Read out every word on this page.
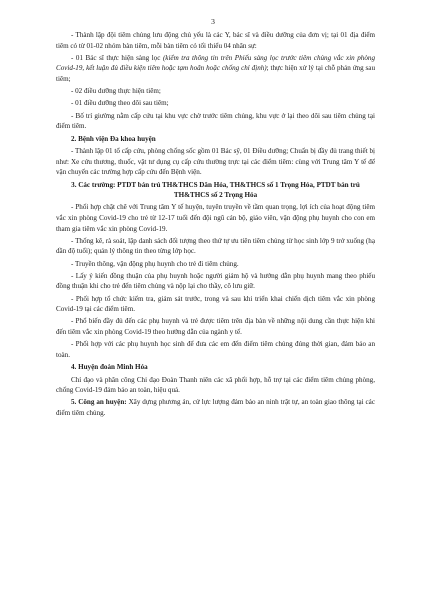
3

- Thành lập đội tiêm chủng lưu động chủ yếu là các Y, bác sĩ và điều dưỡng của đơn vị; tại 01 địa điểm tiêm có từ 01-02 nhóm bàn tiêm, mỗi bàn tiêm có tối thiểu 04 nhân sự:

- 01 Bác sĩ thực hiện sàng lọc (kiểm tra thông tin trên Phiếu sàng lọc trước tiêm chủng vắc xin phòng Covid-19, kết luận đủ điều kiện tiêm hoặc tạm hoãn hoặc chống chỉ định); thực hiện xử lý tại chỗ phản ứng sau tiêm;

- 02 điều dưỡng thực hiện tiêm;

- 01 điều dưỡng theo dõi sau tiêm;

- Bố trí giường nằm cấp cứu tại khu vực chờ trước tiêm chủng, khu vực ở lại theo dõi sau tiêm chủng tại điểm tiêm.

2. Bệnh viện Đa khoa huyện

- Thành lập 01 tổ cấp cứu, phòng chống sốc gồm 01 Bác sỹ, 01 Điều dưỡng; Chuẩn bị đầy đủ trang thiết bị như: Xe cứu thương, thuốc, vật tư dụng cụ cấp cứu thường trực tại các điểm tiêm: cùng với Trung tâm Y tế để vận chuyển các trường hợp cấp cứu đến Bệnh viện.

3. Các trường: PTDT bán trú TH&THCS Dân Hóa, TH&THCS số 1 Trọng Hóa, PTDT bán trú TH&THCS số 2 Trọng Hóa

- Phối hợp chặt chẽ với Trung tâm Y tế huyện, tuyên truyền về tầm quan trọng, lợi ích của hoạt động tiêm vắc xin phòng Covid-19 cho trẻ từ 12-17 tuổi đến đội ngũ cán bộ, giáo viên, vận động phụ huynh cho con em tham gia tiêm vắc xin phòng Covid-19.

- Thống kê, rà soát, lập danh sách đối tượng theo thứ tự ưu tiên tiêm chủng từ học sinh lớp 9 trở xuống (hạ dần độ tuổi); quản lý thông tin theo từng lớp học.

- Truyền thông, vận động phụ huynh cho trẻ đi tiêm chủng.

- Lấy ý kiến đồng thuận của phụ huynh hoặc người giám hộ và hướng dẫn phụ huynh mang theo phiếu đồng thuận khi cho trẻ đến tiêm chủng và nộp lại cho thầy, cô lưu giữ.

- Phối hợp tổ chức kiểm tra, giám sát trước, trong và sau khi triển khai chiến dịch tiêm vắc xin phòng Covid-19 tại các điểm tiêm.

- Phổ biến đầy đủ đến các phụ huynh và trẻ được tiêm trên địa bàn về những nội dung cần thực hiện khi đến tiêm vắc xin phòng Covid-19 theo hướng dẫn của ngành y tế.

- Phối hợp với các phụ huynh học sinh để đưa các em đến điểm tiêm chủng đúng thời gian, đảm bảo an toàn.

4. Huyện đoàn Minh Hóa

Chỉ đạo và phân công Chi đạo Đoàn Thanh niên các xã phối hợp, hỗ trợ tại các điểm tiêm chủng phòng, chống Covid-19 đảm bảo an toàn, hiệu quả.

5. Công an huyện: Xây dựng phương án, cử lực lượng đảm bảo an ninh trật tự, an toàn giao thông tại các điểm tiêm chủng.
